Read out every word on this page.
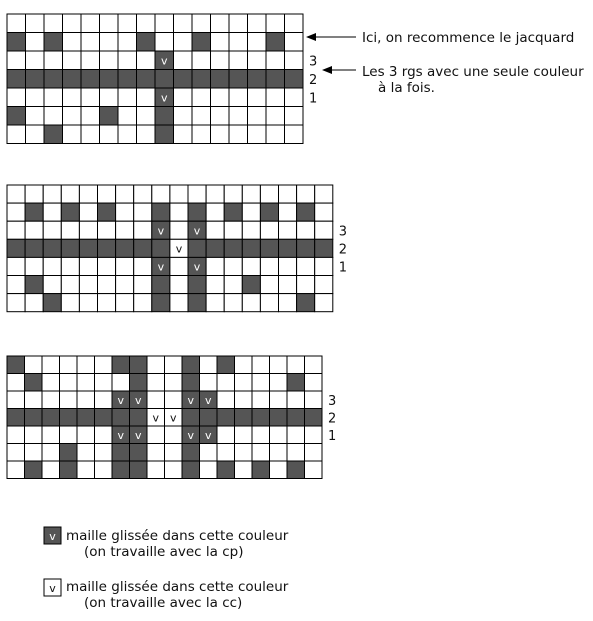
v	3
2
v	1
v	v	3
v	2
v	v	1
v v	v v	3
v v	2
v v	v v	1
Ici, on recommence le jacquard
Les 3 rgs avec une seule couleur
à la fois.
v maille glissée dans cette couleur
(on travaille avec la cp)
v maille glissée dans cette couleur
(on travaille avec la cc)
